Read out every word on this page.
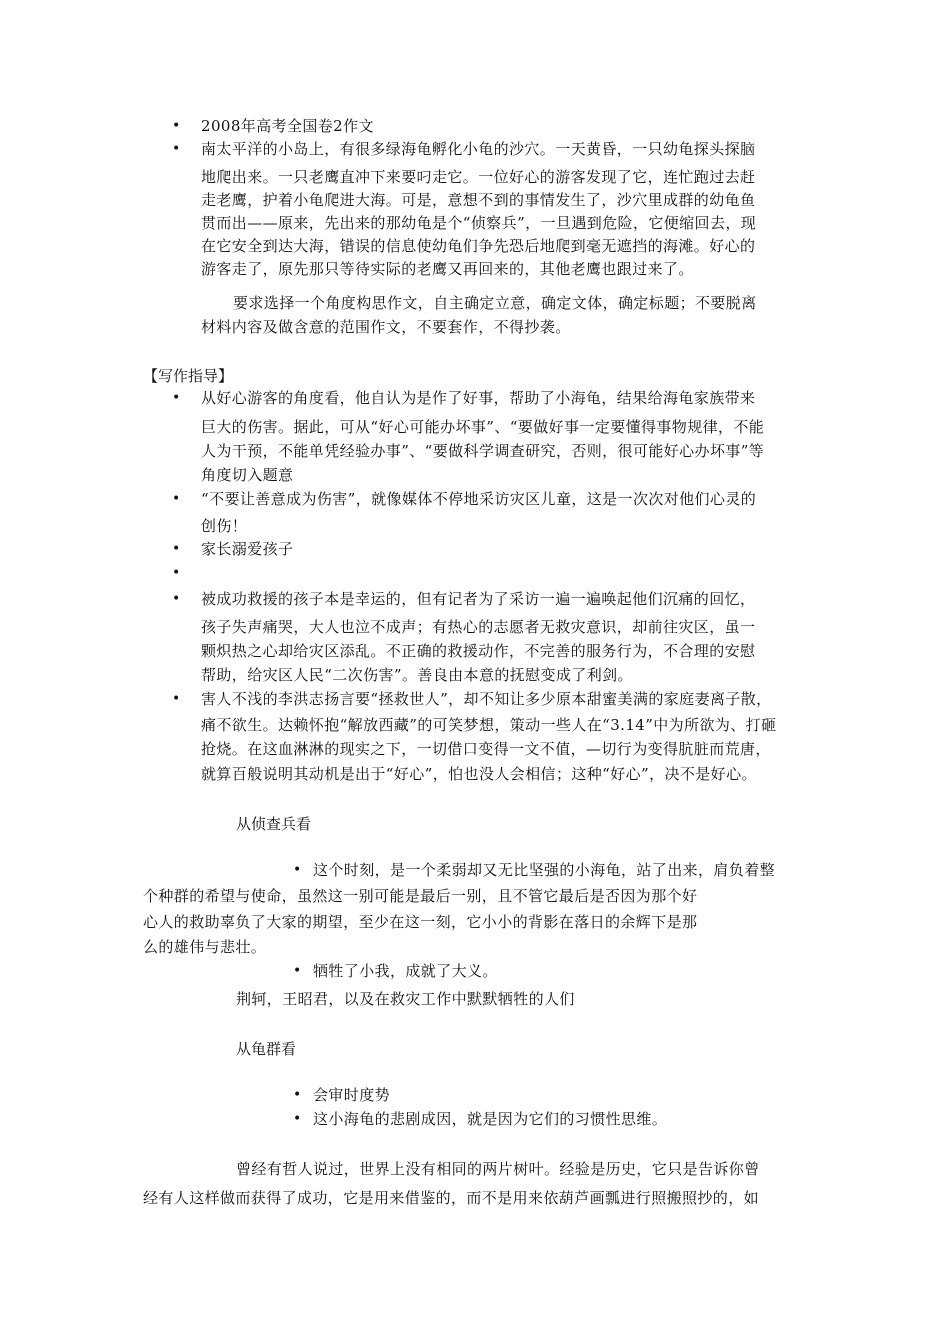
• 2008年高考全国卷2作文
• 南太平洋的小岛上，有很多绿海龟孵化小龟的沙穴。一天黄昏，一只幼龟探头探脑
地爬出来。一只老鹰直冲下来要叼走它。一位好心的游客发现了它，连忙跑过去赶
走老鹰，护着小龟爬进大海。可是，意想不到的事情发生了，沙穴里成群的幼龟鱼
贯而出——原来，先出来的那幼龟是个“侦察兵”，一旦遇到危险，它便缩回去，现
在它安全到达大海，错误的信息使幼龟们争先恐后地爬到毫无遮挡的海滩。好心的
游客走了，原先那只等待实际的老鹰又再回来的，其他老鹰也跟过来了。
要求选择一个角度构思作文，自主确定立意，确定文体，确定标题；不要脱离
材料内容及做含意的范围作文，不要套作，不得抄袭。
【写作指导】
• 从好心游客的角度看，他自认为是作了好事，帮助了小海龟，结果给海龟家族带来
巨大的伤害。据此，可从“好心可能办坏事”、“要做好事一定要懂得事物规律，不能
人为干预，不能单凭经验办事”、“要做科学调查研究，否则，很可能好心办坏事”等
角度切入题意
• “不要让善意成为伤害”，就像媒体不停地采访灾区儿童，这是一次次对他们心灵的
创伤！
• 家长溺爱孩子
•
• 被成功救援的孩子本是幸运的，但有记者为了采访一遍一遍唤起他们沉痛的回忆，
孩子失声痛哭，大人也泣不成声；有热心的志愿者无救灾意识，却前往灾区，虽一
颗炽热之心却给灾区添乱。不正确的救援动作，不完善的服务行为，不合理的安慰
帮助，给灾区人民“二次伤害”。善良由本意的抚慰变成了利剑。
• 害人不浅的李洪志扬言要“拯救世人”，却不知让多少原本甜蜜美满的家庭妻离子散，
痛不欲生。达赖怀抱“解放西藏”的可笑梦想，策动一些人在“3.14”中为所欲为、打砸
抢烧。在这血淋淋的现实之下，一切借口变得一文不值，—切行为变得肮脏而荒唐，
就算百般说明其动机是出于“好心”，怕也没人会相信；这种“好心”，决不是好心。
从侦查兵看
• 这个时刻，是一个柔弱却又无比坚强的小海龟，站了出来，肩负着整
个种群的希望与使命，虽然这一别可能是最后一别，且不管它最后是否因为那个好
心人的救助辜负了大家的期望，至少在这一刻，它小小的背影在落日的余辉下是那
么的雄伟与悲壮。
• 牺牲了小我，成就了大义。
荆轲，王昭君，以及在救灾工作中默默牺牲的人们
从龟群看
• 会审时度势
• 这小海龟的悲剧成因，就是因为它们的习惯性思维。
曾经有哲人说过，世界上没有相同的两片树叶。经验是历史，它只是告诉你曾
经有人这样做而获得了成功，它是用来借鉴的，而不是用来依葫芦画瓢进行照搬照抄的，如
